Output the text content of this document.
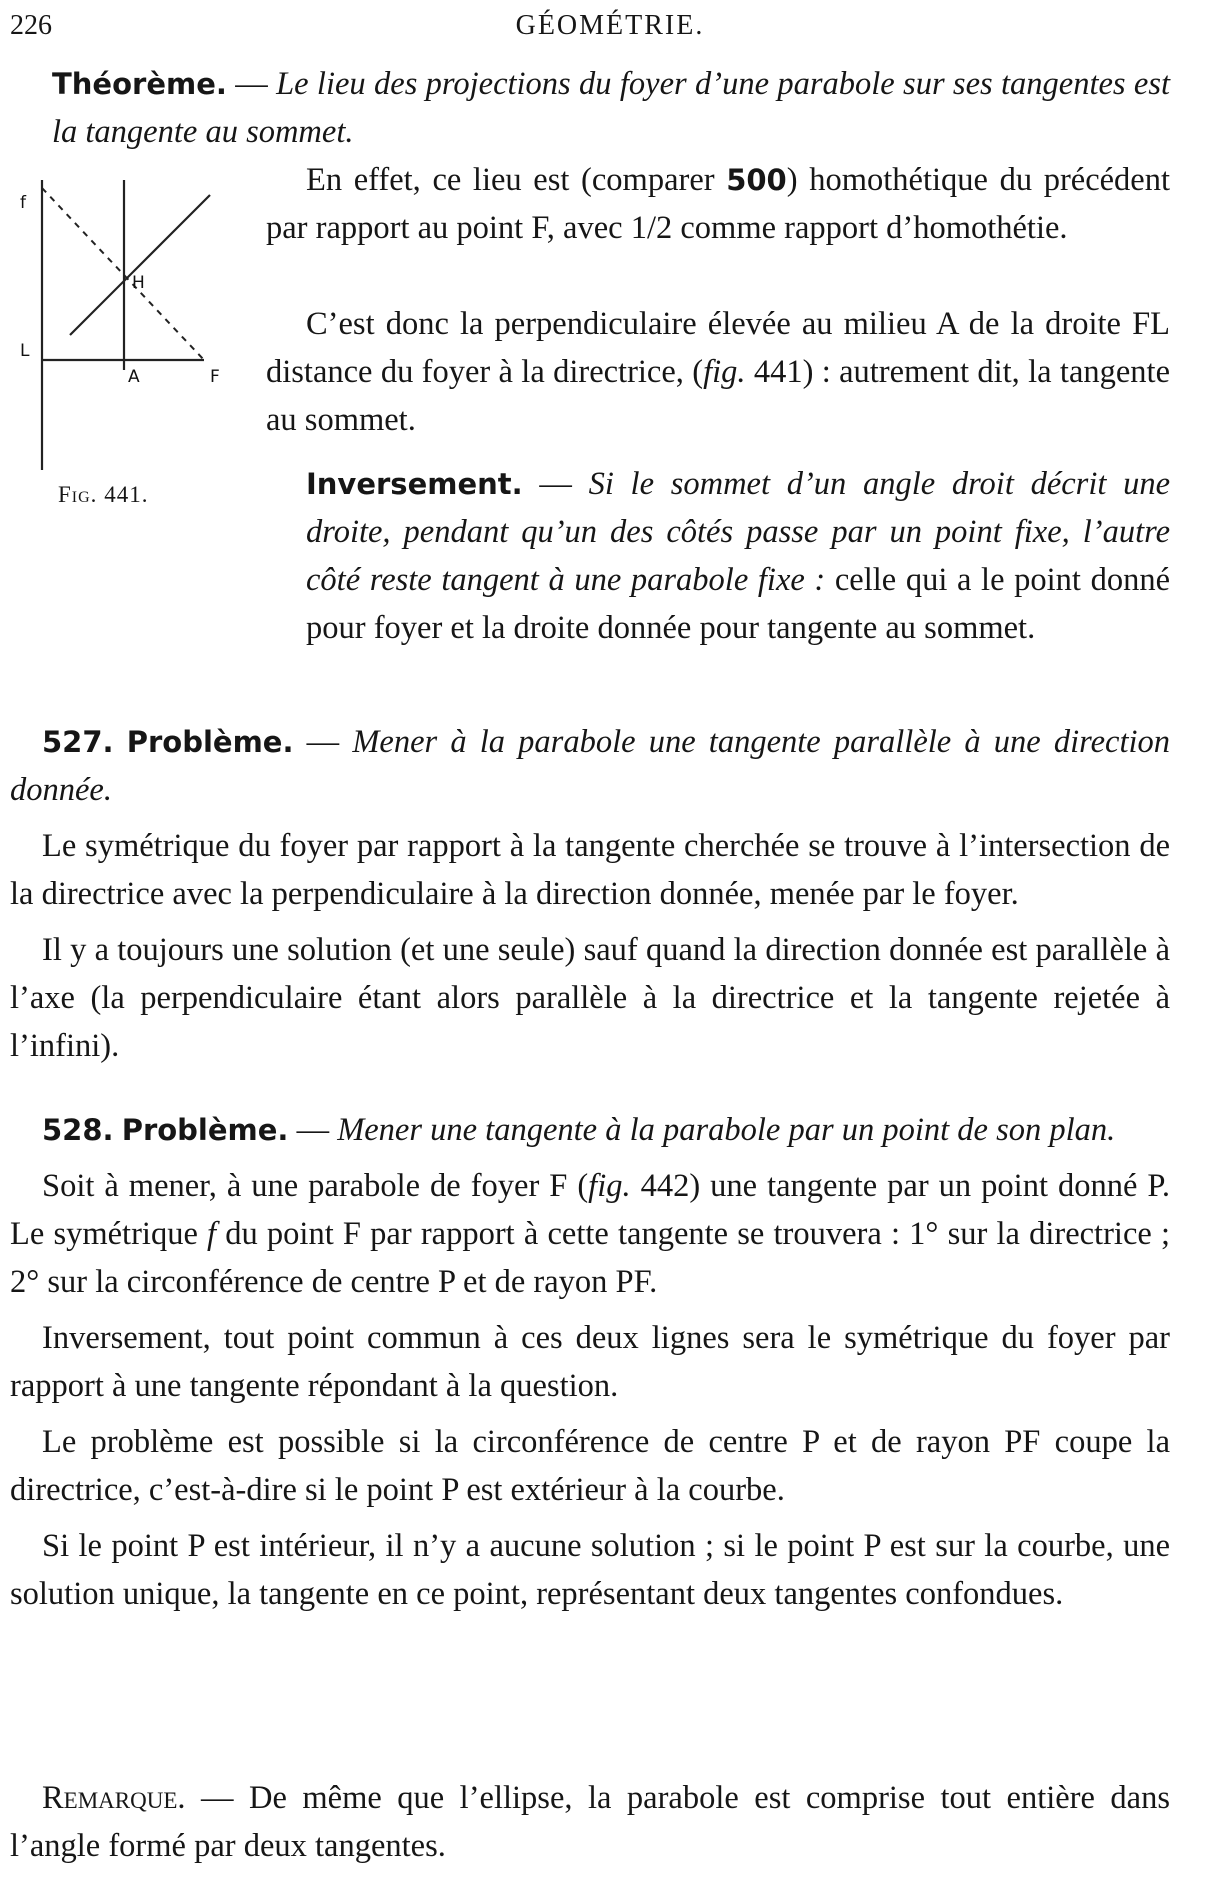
226	GÉOMÉTRIE.
f
H
L
A	F
Fig. 441.

Théorème. — Le lieu des projections du foyer d’une parabole sur ses tangentes est la tangente au sommet.

En effet, ce lieu est (comparer 500) homothétique du précédent par rapport au point F, avec 1/2 comme rapport d’homothétie.
C’est donc la perpendiculaire élevée au milieu A de la droite FL distance du foyer à la directrice, (fig. 441) : autrement dit, la tangente au sommet.

Inversement. — Si le sommet d’un angle droit décrit une droite, pendant qu’un des côtés passe par un point fixe, l’autre côté reste tangent à une parabole fixe : celle qui a le point donné pour foyer et la droite donnée pour tangente au sommet.

527. Problème. — Mener à la parabole une tangente parallèle à une direction donnée.

Le symétrique du foyer par rapport à la tangente cherchée se trouve à l’intersection de la directrice avec la perpendiculaire à la direction donnée, menée par le foyer.

Il y a toujours une solution (et une seule) sauf quand la direction donnée est parallèle à l’axe (la perpendiculaire étant alors parallèle à la directrice et la tangente rejetée à l’infini).

528. Problème. — Mener une tangente à la parabole par un point de son plan.

Soit à mener, à une parabole de foyer F (fig. 442) une tangente par un point donné P. Le symétrique f du point F par rapport à cette tangente se trouvera : 1° sur la directrice ; 2° sur la circonférence de centre P et de rayon PF.

Inversement, tout point commun à ces deux lignes sera le symétrique du foyer par rapport à une tangente répondant à la question.

Le problème est possible si la circonférence de centre P et de rayon PF coupe la directrice, c’est-à-dire si le point P est extérieur à la courbe.

Si le point P est intérieur, il n’y a aucune solution ; si le point P est sur la courbe, une solution unique, la tangente en ce point, représentant deux tangentes confondues.

Remarque. — De même que l’ellipse, la parabole est comprise tout entière dans l’angle formé par deux tangentes.
